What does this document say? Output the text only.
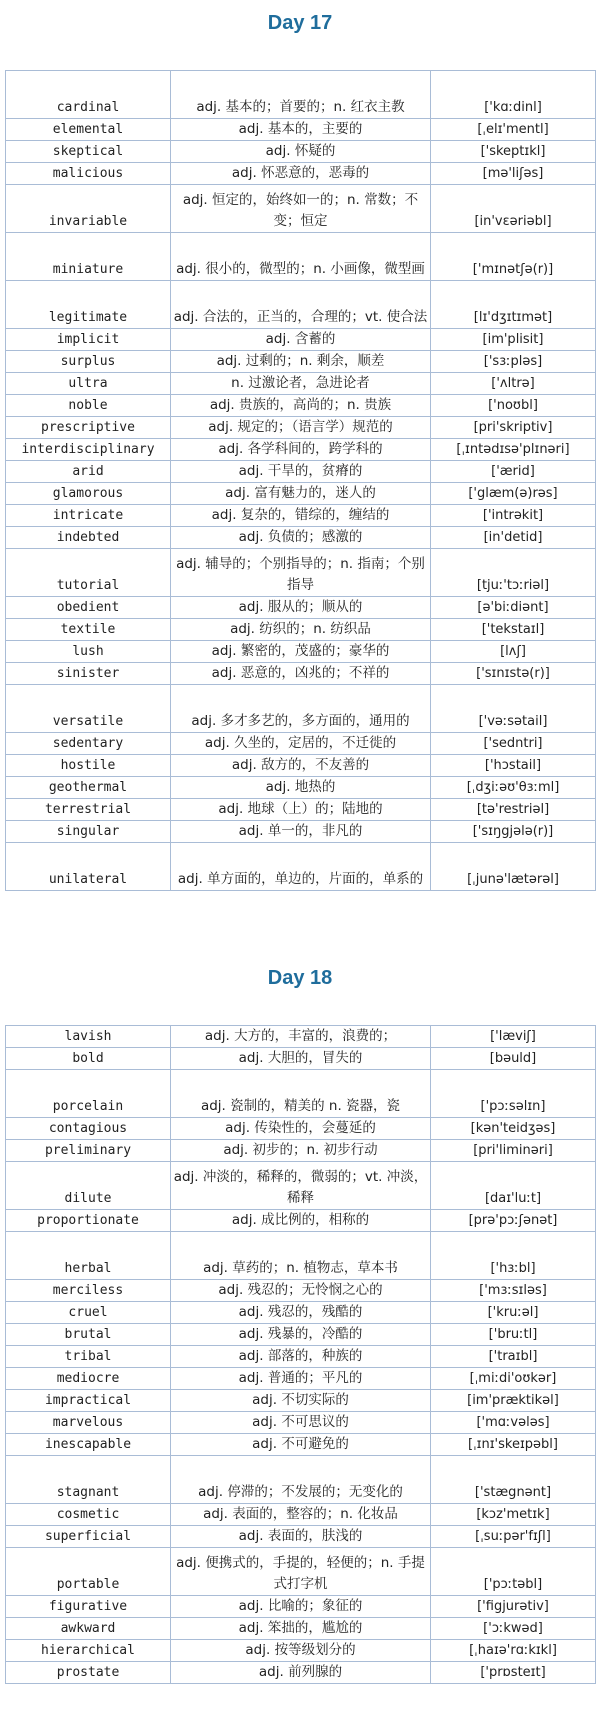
Day 17
cardinal	adj. 基本的；首要的；n. 红衣主教	['kɑːdinl]
elemental	adj. 基本的，主要的	[ˌelɪ'mentl]
skeptical	adj. 怀疑的	['skeptɪkl]
malicious	adj. 怀恶意的，恶毒的	[mə'liʃəs]
invariable	adj. 恒定的，始终如一的；n. 常数；不变；恒定	[in'vɛəriəbl]
miniature	adj. 很小的，微型的；n. 小画像，微型画	['mɪnətʃə(r)]
legitimate	adj. 合法的，正当的，合理的；vt. 使合法	[lɪ'dʒɪtɪmət]
implicit	adj. 含蓄的	[im'plisit]
surplus	adj. 过剩的；n. 剩余，顺差	['sɜːpləs]
ultra	n. 过激论者，急进论者	['ʌltrə]
noble	adj. 贵族的，高尚的；n. 贵族	['noʊbl]
prescriptive	adj. 规定的；（语言学）规范的	[pri'skriptiv]
interdisciplinary	adj. 各学科间的，跨学科的	[ˌɪntədɪsə'plɪnəri]
arid	adj. 干旱的，贫瘠的	['ærid]
glamorous	adj. 富有魅力的，迷人的	['glæm(ə)rəs]
intricate	adj. 复杂的，错综的，缠结的	['intrəkit]
indebted	adj. 负债的；感激的	[in'detid]
tutorial	adj. 辅导的；个别指导的；n. 指南；个别指导	[tjuː'tɔːriəl]
obedient	adj. 服从的；顺从的	[ə'biːdiənt]
textile	adj. 纺织的；n. 纺织品	['tekstaɪl]
lush	adj. 繁密的，茂盛的；豪华的	[lʌʃ]
sinister	adj. 恶意的，凶兆的；不祥的	['sɪnɪstə(r)]
versatile	adj. 多才多艺的，多方面的，通用的	['vəːsətail]
sedentary	adj. 久坐的，定居的，不迁徙的	['sedntri]
hostile	adj. 敌方的，不友善的	['hɔstail]
geothermal	adj. 地热的	[ˌdʒiːəʊ'θɜːml]
terrestrial	adj. 地球（上）的；陆地的	[tə'restriəl]
singular	adj. 单一的，非凡的	['sɪŋgjələ(r)]
unilateral	adj. 单方面的，单边的，片面的，单系的	[ˌjunə'lætərəl]
Day 18
lavish	adj. 大方的，丰富的，浪费的；	['læviʃ]
bold	adj. 大胆的，冒失的	[bəuld]
porcelain	adj. 瓷制的，精美的 n. 瓷器，瓷	['pɔːsəlɪn]
contagious	adj. 传染性的，会蔓延的	[kən'teidʒəs]
preliminary	adj. 初步的；n. 初步行动	[pri'liminəri]
dilute	adj. 冲淡的，稀释的，微弱的；vt. 冲淡，稀释	[daɪ'luːt]
proportionate	adj. 成比例的，相称的	[prə'pɔːʃənət]
herbal	adj. 草药的；n. 植物志，草本书	['hɜːbl]
merciless	adj. 残忍的；无怜悯之心的	['mɜːsɪləs]
cruel	adj. 残忍的，残酷的	['kruːəl]
brutal	adj. 残暴的，冷酷的	['bruːtl]
tribal	adj. 部落的，种族的	['traɪbl]
mediocre	adj. 普通的；平凡的	[ˌmiːdi'oʊkər]
impractical	adj. 不切实际的	[im'præktikəl]
marvelous	adj. 不可思议的	['mɑːvələs]
inescapable	adj. 不可避免的	[ˌɪnɪ'skeɪpəbl]
stagnant	adj. 停滞的；不发展的；无变化的	['stægnənt]
cosmetic	adj. 表面的，整容的；n. 化妆品	[kɔz'metɪk]
superficial	adj. 表面的，肤浅的	[ˌsuːpər'fɪʃl]
portable	adj. 便携式的，手提的，轻便的；n. 手提式打字机	['pɔːtəbl]
figurative	adj. 比喻的；象征的	['figjurətiv]
awkward	adj. 笨拙的，尴尬的	['ɔːkwəd]
hierarchical	adj. 按等级划分的	[ˌhaɪə'rɑːkɪkl]
prostate	adj. 前列腺的	['prɒsteɪt]
